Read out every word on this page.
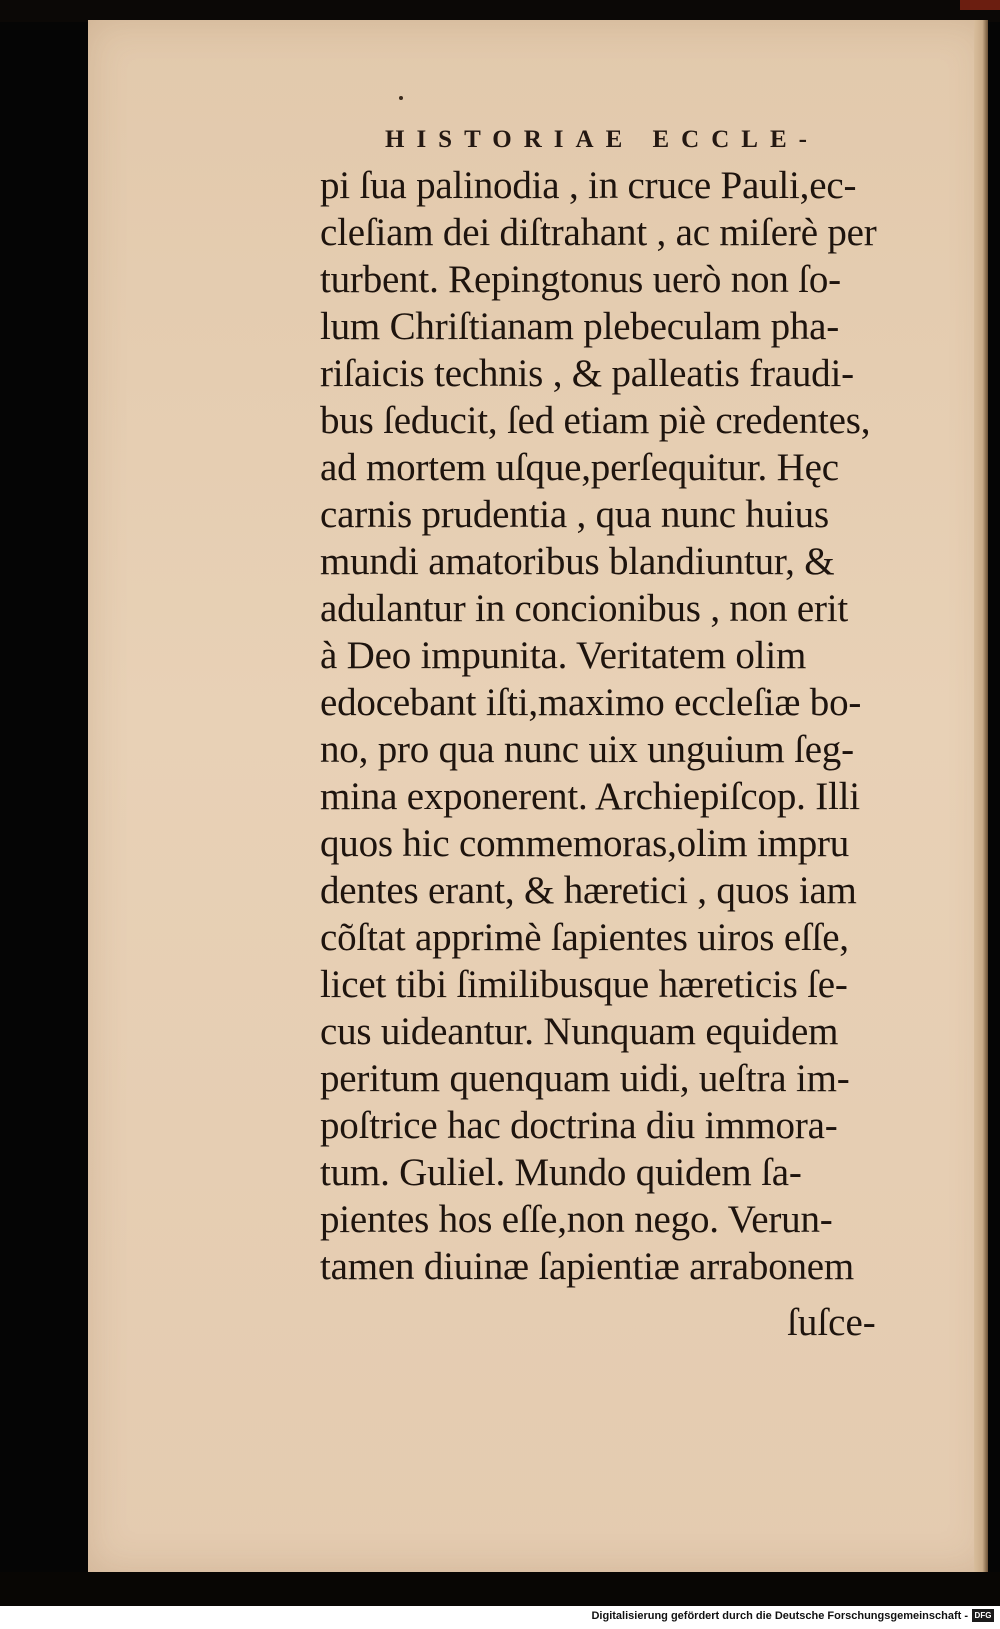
HISTORIAE ECCLE-
pi ſua palinodia , in cruce Pauli,ec-
cleſiam dei diſtrahant , ac miſerè per
turbent. Repingtonus uerò non ſo-
lum Chriſtianam plebeculam pha-
riſaicis technis , & palleatis fraudi-
bus ſeducit, ſed etiam piè credentes,
ad mortem uſque,perſequitur. Hęc
carnis prudentia , qua nunc huius
mundi amatoribus blandiuntur, &
adulantur in concionibus , non erit
à Deo impunita. Veritatem olim
edocebant iſti,maximo eccleſiæ bo-
no, pro qua nunc uix unguium ſeg-
mina exponerent. Archiepiſcop. Illi
quos hic commemoras,olim impru
dentes erant, & hæretici , quos iam
cõſtat apprimè ſapientes uiros eſſe,
licet tibi ſimilibusque hæreticis ſe-
cus uideantur. Nunquam equidem
peritum quenquam uidi, ueſtra im-
poſtrice hac doctrina diu immora-
tum. Guliel. Mundo quidem ſa-
pientes hos eſſe,non nego. Verun-
tamen diuinæ ſapientiæ arrabonem
ſuſce-
Digitalisierung gefördert durch die Deutsche Forschungsgemeinschaft - DFG
